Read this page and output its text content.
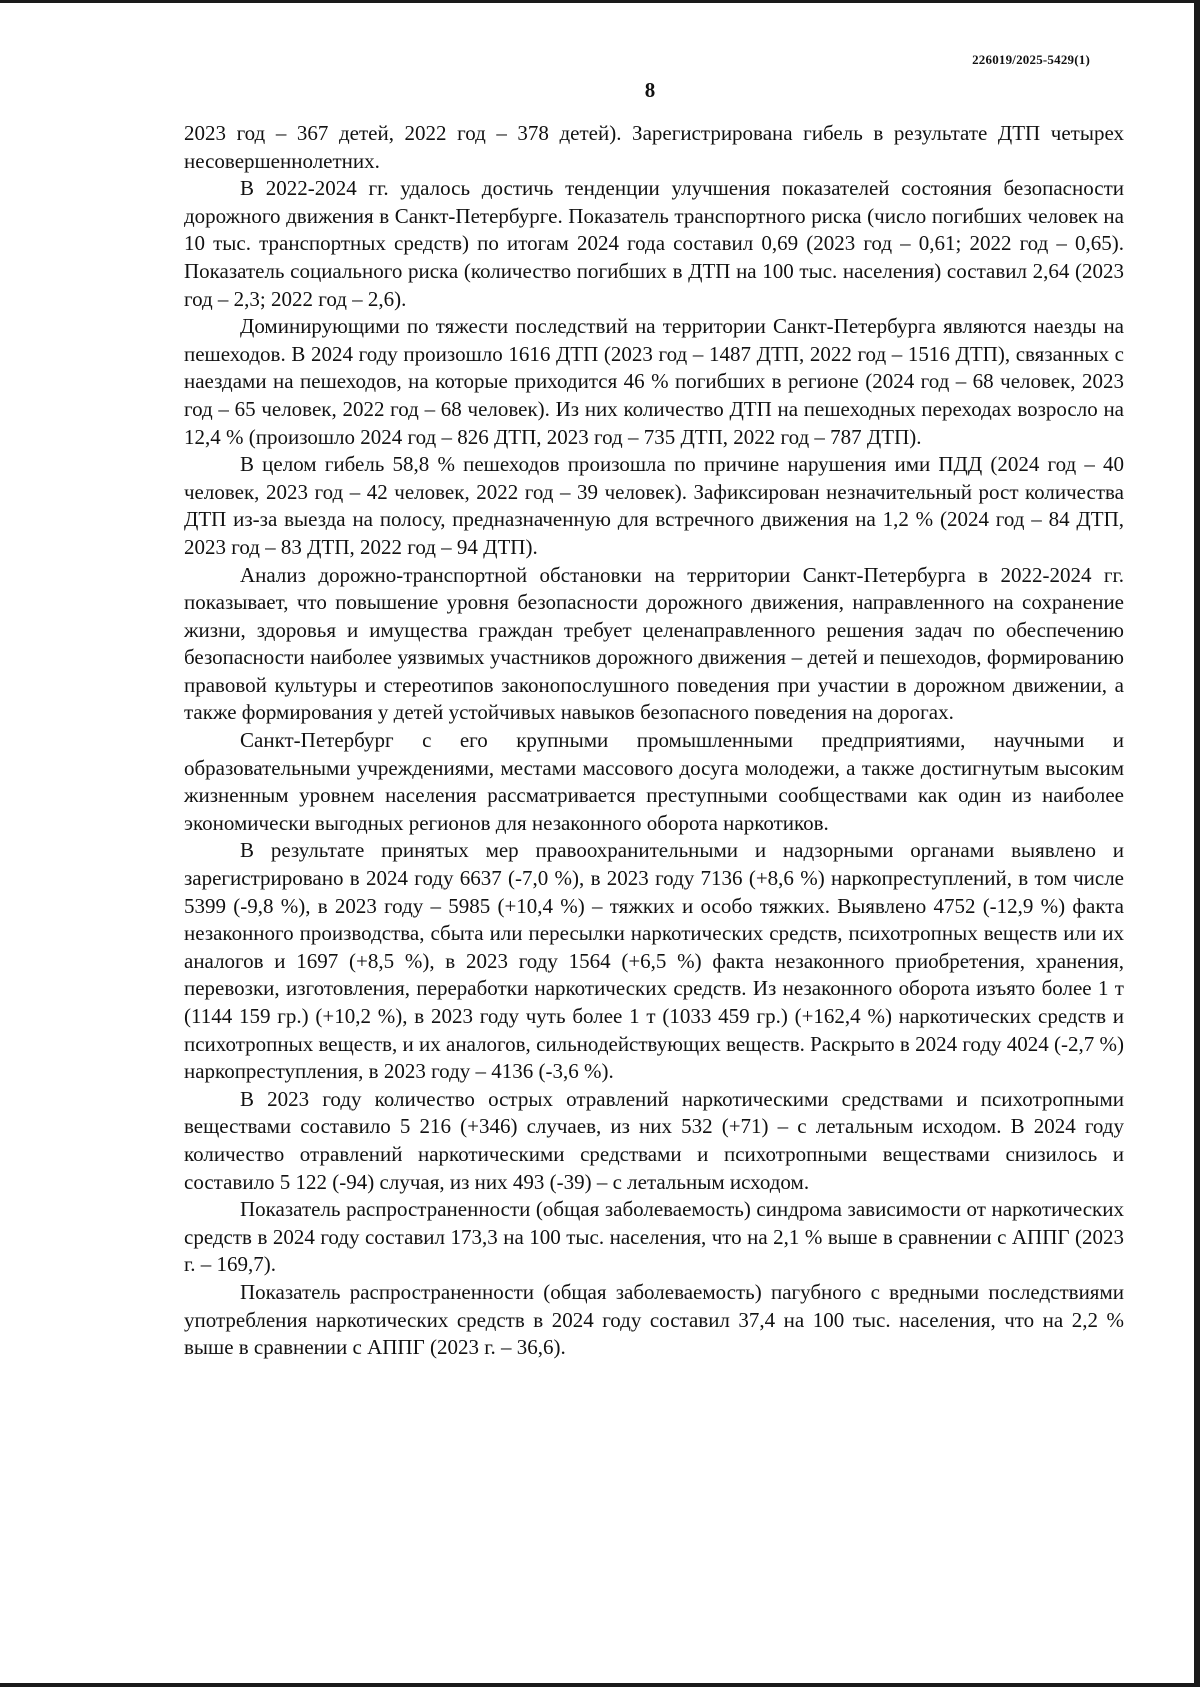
226019/2025-5429(1)
8

2023 год – 367 детей, 2022 год – 378 детей). Зарегистрирована гибель в результате ДТП четырех несовершеннолетних.

В 2022-2024 гг. удалось достичь тенденции улучшения показателей состояния безопасности дорожного движения в Санкт-Петербурге. Показатель транспортного риска (число погибших человек на 10 тыс. транспортных средств) по итогам 2024 года составил 0,69 (2023 год – 0,61; 2022 год – 0,65). Показатель социального риска (количество погибших в ДТП на 100 тыс. населения) составил 2,64 (2023 год – 2,3; 2022 год – 2,6).

Доминирующими по тяжести последствий на территории Санкт-Петербурга являются наезды на пешеходов. В 2024 году произошло 1616 ДТП (2023 год – 1487 ДТП, 2022 год – 1516 ДТП), связанных с наездами на пешеходов, на которые приходится 46 % погибших в регионе (2024 год – 68 человек, 2023 год – 65 человек, 2022 год – 68 человек). Из них количество ДТП на пешеходных переходах возросло на 12,4 % (произошло 2024 год – 826 ДТП, 2023 год – 735 ДТП, 2022 год – 787 ДТП).

В целом гибель 58,8 % пешеходов произошла по причине нарушения ими ПДД (2024 год – 40 человек, 2023 год – 42 человек, 2022 год – 39 человек). Зафиксирован незначительный рост количества ДТП из-за выезда на полосу, предназначенную для встречного движения на 1,2 % (2024 год – 84 ДТП, 2023 год – 83 ДТП, 2022 год – 94 ДТП).

Анализ дорожно-транспортной обстановки на территории Санкт-Петербурга в 2022-2024 гг. показывает, что повышение уровня безопасности дорожного движения, направленного на сохранение жизни, здоровья и имущества граждан требует целенаправленного решения задач по обеспечению безопасности наиболее уязвимых участников дорожного движения – детей и пешеходов, формированию правовой культуры и стереотипов законопослушного поведения при участии в дорожном движении, а также формирования у детей устойчивых навыков безопасного поведения на дорогах.

Санкт-Петербург с его крупными промышленными предприятиями, научными и образовательными учреждениями, местами массового досуга молодежи, а также достигнутым высоким жизненным уровнем населения рассматривается преступными сообществами как один из наиболее экономически выгодных регионов для незаконного оборота наркотиков.

В результате принятых мер правоохранительными и надзорными органами выявлено и зарегистрировано в 2024 году 6637 (-7,0 %), в 2023 году 7136 (+8,6 %) наркопреступлений, в том числе 5399 (-9,8 %), в 2023 году – 5985 (+10,4 %) – тяжких и особо тяжких. Выявлено 4752 (-12,9 %) факта незаконного производства, сбыта или пересылки наркотических средств, психотропных веществ или их аналогов и 1697 (+8,5 %), в 2023 году 1564 (+6,5 %) факта незаконного приобретения, хранения, перевозки, изготовления, переработки наркотических средств. Из незаконного оборота изъято более 1 т (1144 159 гр.) (+10,2 %), в 2023 году чуть более 1 т (1033 459 гр.) (+162,4 %) наркотических средств и психотропных веществ, и их аналогов, сильнодействующих веществ. Раскрыто в 2024 году 4024 (-2,7 %) наркопреступления, в 2023 году – 4136 (-3,6 %).

В 2023 году количество острых отравлений наркотическими средствами и психотропными веществами составило 5 216 (+346) случаев, из них 532 (+71) – с летальным исходом. В 2024 году количество отравлений наркотическими средствами и психотропными веществами снизилось и составило 5 122 (-94) случая, из них 493 (-39) – с летальным исходом.

Показатель распространенности (общая заболеваемость) синдрома зависимости от наркотических средств в 2024 году составил 173,3 на 100 тыс. населения, что на 2,1 % выше в сравнении с АППГ (2023 г. – 169,7).

Показатель распространенности (общая заболеваемость) пагубного с вредными последствиями употребления наркотических средств в 2024 году составил 37,4 на 100 тыс. населения, что на 2,2 % выше в сравнении с АППГ (2023 г. – 36,6).
